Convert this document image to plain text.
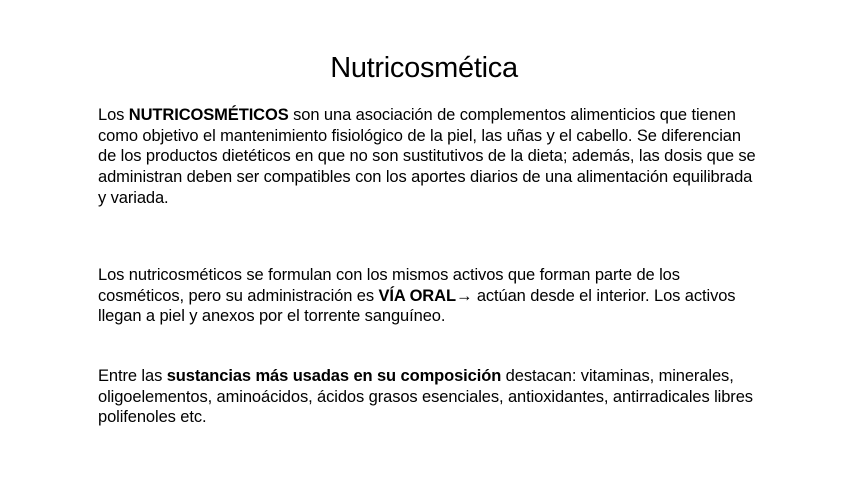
Nutricosmética

Los NUTRICOSMÉTICOS son una asociación de complementos alimenticios que tienen como objetivo el mantenimiento fisiológico de la piel, las uñas y el cabello. Se diferencian de los productos dietéticos en que no son sustitutivos de la dieta; además, las dosis que se administran deben ser compatibles con los aportes diarios de una alimentación equilibrada y variada.

Los nutricosméticos se formulan con los mismos activos que forman parte de los cosméticos, pero su administración es VÍA ORAL→ actúan desde el interior. Los activos llegan a piel y anexos por el torrente sanguíneo.

Entre las sustancias más usadas en su composición destacan: vitaminas, minerales, oligoelementos, aminoácidos, ácidos grasos esenciales, antioxidantes, antirradicales libres polifenoles etc.
